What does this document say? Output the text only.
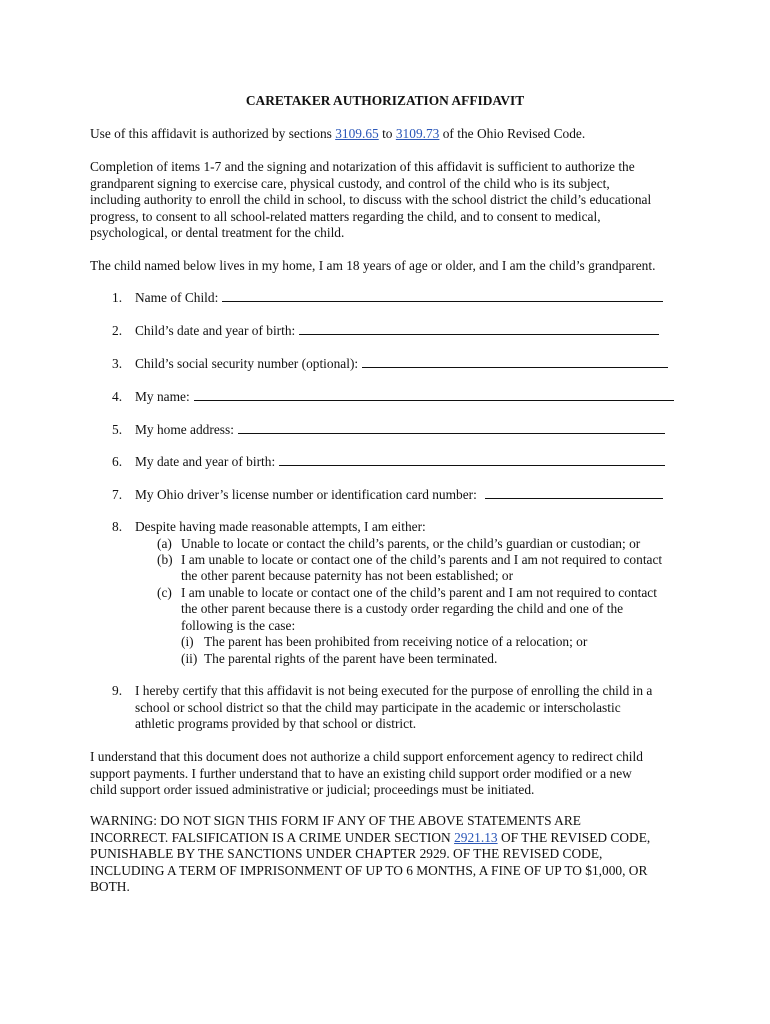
CARETAKER AUTHORIZATION AFFIDAVIT
Use of this affidavit is authorized by sections 3109.65 to 3109.73 of the Ohio Revised Code.
Completion of items 1-7 and the signing and notarization of this affidavit is sufficient to authorize the
grandparent signing to exercise care, physical custody, and control of the child who is its subject,
including authority to enroll the child in school, to discuss with the school district the child’s educational
progress, to consent to all school-related matters regarding the child, and to consent to medical,
psychological, or dental treatment for the child.
The child named below lives in my home, I am 18 years of age or older, and I am the child’s grandparent.
1. Name of Child:
2. Child’s date and year of birth:
3. Child’s social security number (optional):
4. My name:
5. My home address:
6. My date and year of birth:
7. My Ohio driver’s license number or identification card number:
8. Despite having made reasonable attempts, I am either:
(a) Unable to locate or contact the child’s parents, or the child’s guardian or custodian; or
(b) I am unable to locate or contact one of the child’s parents and I am not required to contact
the other parent because paternity has not been established; or
(c) I am unable to locate or contact one of the child’s parent and I am not required to contact
the other parent because there is a custody order regarding the child and one of the
following is the case:
(i) The parent has been prohibited from receiving notice of a relocation; or
(ii) The parental rights of the parent have been terminated.
9. I hereby certify that this affidavit is not being executed for the purpose of enrolling the child in a
school or school district so that the child may participate in the academic or interscholastic
athletic programs provided by that school or district.
I understand that this document does not authorize a child support enforcement agency to redirect child
support payments. I further understand that to have an existing child support order modified or a new
child support order issued administrative or judicial; proceedings must be initiated.
WARNING: DO NOT SIGN THIS FORM IF ANY OF THE ABOVE STATEMENTS ARE
INCORRECT. FALSIFICATION IS A CRIME UNDER SECTION 2921.13 OF THE REVISED CODE,
PUNISHABLE BY THE SANCTIONS UNDER CHAPTER 2929. OF THE REVISED CODE,
INCLUDING A TERM OF IMPRISONMENT OF UP TO 6 MONTHS, A FINE OF UP TO $1,000, OR
BOTH.
